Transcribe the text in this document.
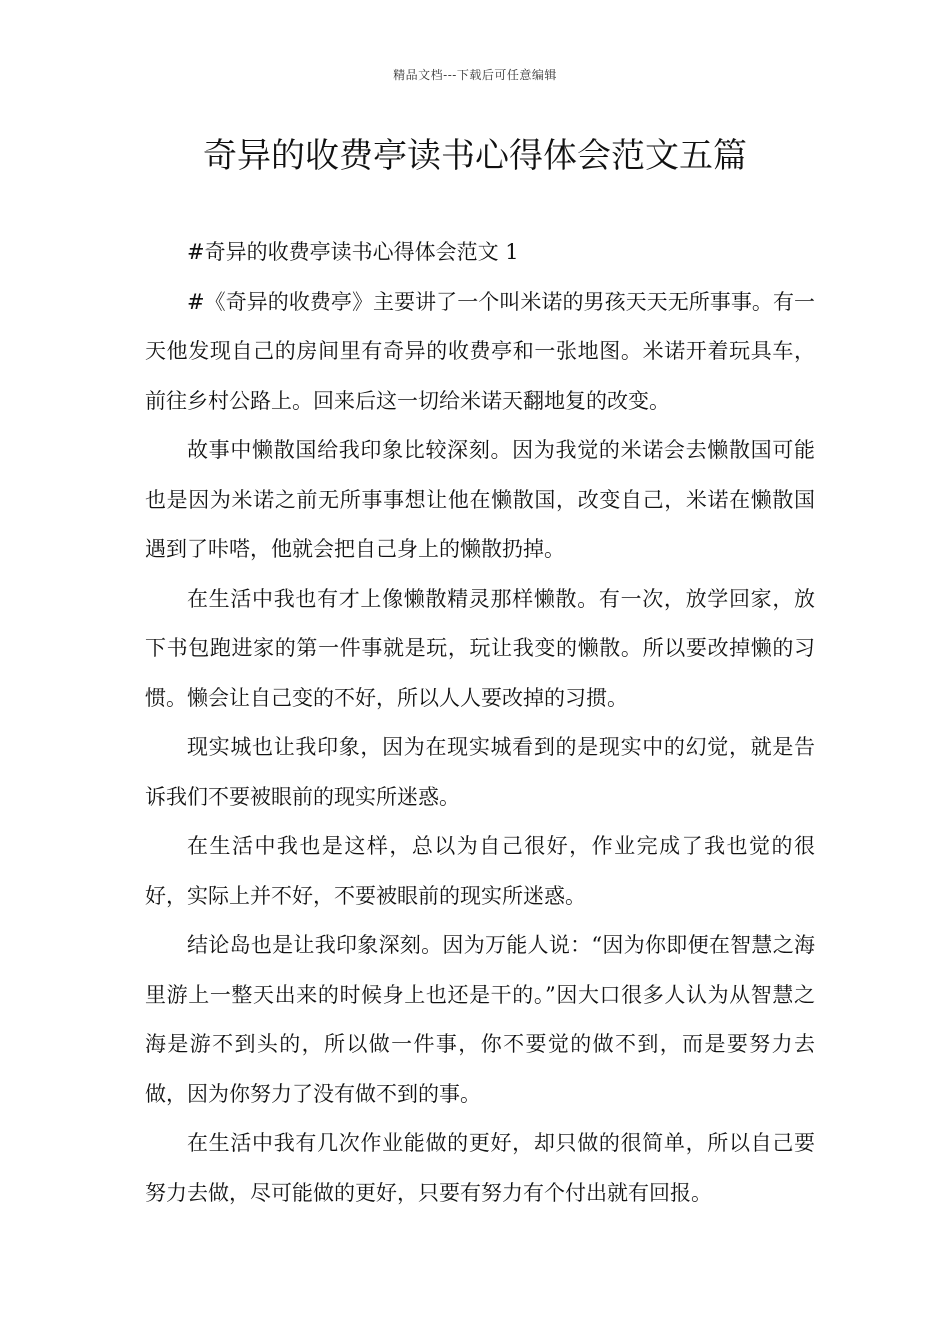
精品文档---下载后可任意编辑
奇异的收费亭读书心得体会范文五篇

#奇异的收费亭读书心得体会范文 1

#《奇异的收费亭》主要讲了一个叫米诺的男孩天天无所事事。有一天他发现自己的房间里有奇异的收费亭和一张地图。米诺开着玩具车，前往乡村公路上。回来后这一切给米诺天翻地复的改变。

故事中懒散国给我印象比较深刻。因为我觉的米诺会去懒散国可能也是因为米诺之前无所事事想让他在懒散国，改变自己，米诺在懒散国遇到了咔嗒，他就会把自己身上的懒散扔掉。

在生活中我也有才上像懒散精灵那样懒散。有一次，放学回家，放下书包跑进家的第一件事就是玩，玩让我变的懒散。所以要改掉懒的习惯。懒会让自己变的不好，所以人人要改掉的习掼。

现实城也让我印象，因为在现实城看到的是现实中的幻觉，就是告诉我们不要被眼前的现实所迷惑。

在生活中我也是这样，总以为自己很好，作业完成了我也觉的很好，实际上并不好，不要被眼前的现实所迷惑。

结论岛也是让我印象深刻。因为万能人说：“因为你即便在智慧之海里游上一整天出来的时候身上也还是干的。”因大口很多人认为从智慧之海是游不到头的，所以做一件事，你不要觉的做不到，而是要努力去做，因为你努力了没有做不到的事。

在生活中我有几次作业能做的更好，却只做的很简单，所以自己要努力去做，尽可能做的更好，只要有努力有个付出就有回报。
